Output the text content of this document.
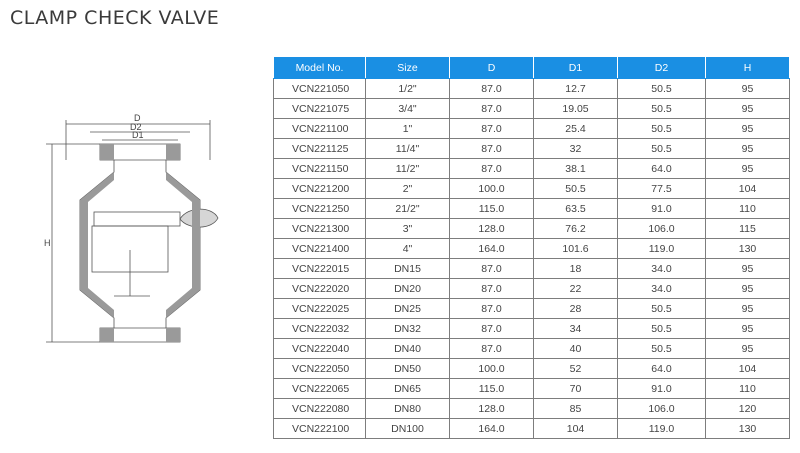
CLAMP CHECK VALVE
D
D2
D1
H
Model No.	Size	D	D1	D2	H
VCN221050	1/2"	87.0	12.7	50.5	95
VCN221075	3/4"	87.0	19.05	50.5	95
VCN221100	1"	87.0	25.4	50.5	95
VCN221125	11/4"	87.0	32	50.5	95
VCN221150	11/2"	87.0	38.1	64.0	95
VCN221200	2"	100.0	50.5	77.5	104
VCN221250	21/2"	115.0	63.5	91.0	110
VCN221300	3"	128.0	76.2	106.0	115
VCN221400	4"	164.0	101.6	119.0	130
VCN222015	DN15	87.0	18	34.0	95
VCN222020	DN20	87.0	22	34.0	95
VCN222025	DN25	87.0	28	50.5	95
VCN222032	DN32	87.0	34	50.5	95
VCN222040	DN40	87.0	40	50.5	95
VCN222050	DN50	100.0	52	64.0	104
VCN222065	DN65	115.0	70	91.0	110
VCN222080	DN80	128.0	85	106.0	120
VCN222100	DN100	164.0	104	119.0	130
